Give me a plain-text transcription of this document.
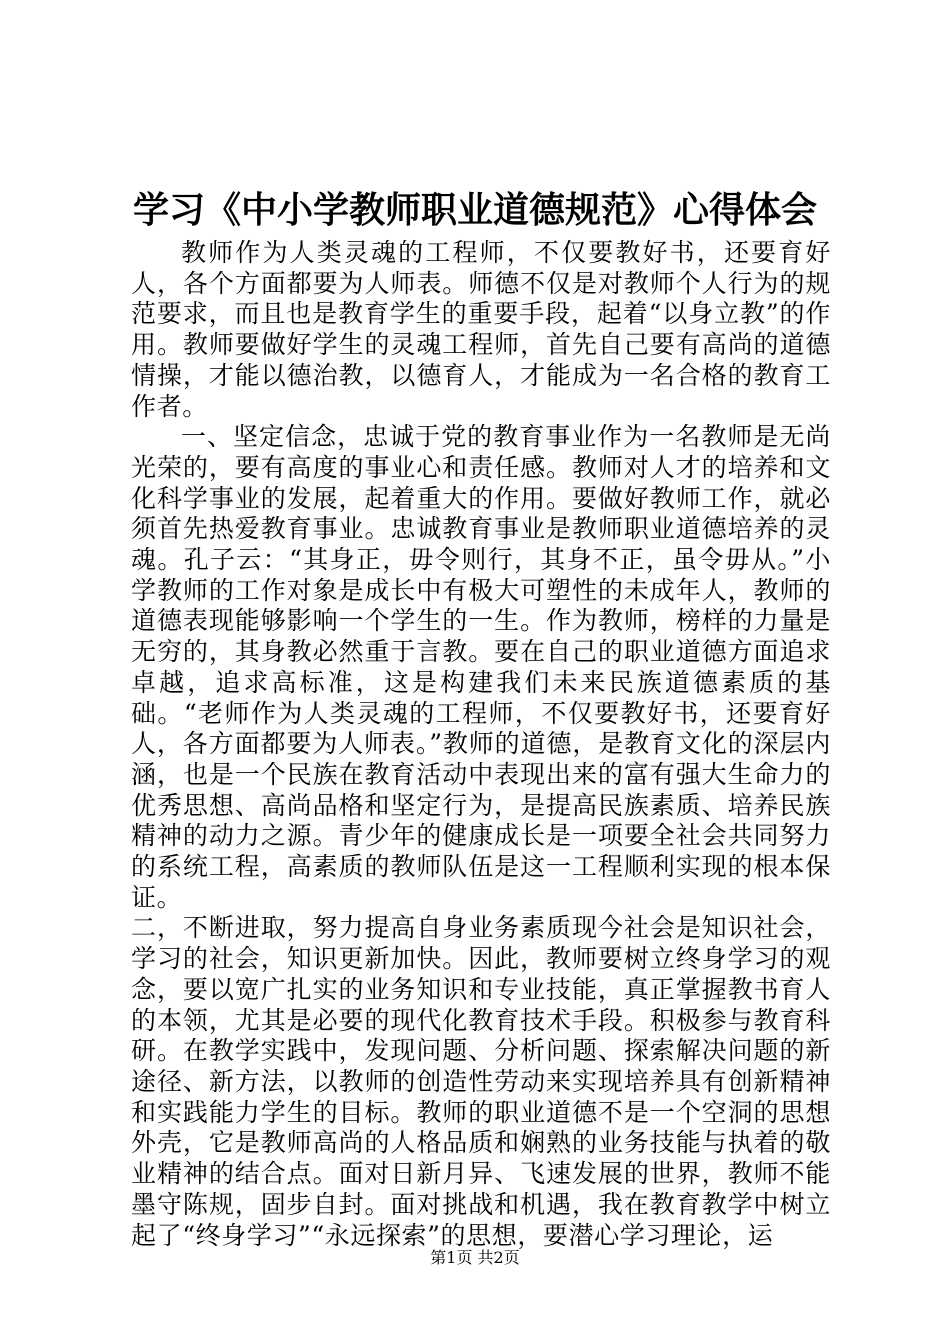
学习《中小学教师职业道德规范》心得体会

教师作为人类灵魂的工程师，不仅要教好书，还要育好人，各个方面都要为人师表。师德不仅是对教师个人行为的规范要求，而且也是教育学生的重要手段，起着“以身立教”的作用。教师要做好学生的灵魂工程师，首先自己要有高尚的道德情操，才能以德治教，以德育人，才能成为一名合格的教育工作者。

一、坚定信念，忠诚于党的教育事业作为一名教师是无尚光荣的，要有高度的事业心和责任感。教师对人才的培养和文化科学事业的发展，起着重大的作用。要做好教师工作，就必须首先热爱教育事业。忠诚教育事业是教师职业道德培养的灵魂。孔子云：“其身正，毋令则行，其身不正，虽令毋从。”小学教师的工作对象是成长中有极大可塑性的未成年人，教师的道德表现能够影响一个学生的一生。作为教师，榜样的力量是无穷的，其身教必然重于言教。要在自己的职业道德方面追求卓越，追求高标准，这是构建我们未来民族道德素质的基础。“老师作为人类灵魂的工程师，不仅要教好书，还要育好人，各方面都要为人师表。”教师的道德，是教育文化的深层内涵，也是一个民族在教育活动中表现出来的富有强大生命力的优秀思想、高尚品格和坚定行为，是提高民族素质、培养民族精神的动力之源。青少年的健康成长是一项要全社会共同努力的系统工程，高素质的教师队伍是这一工程顺利实现的根本保证。

二，不断进取，努力提高自身业务素质现今社会是知识社会，学习的社会，知识更新加快。因此，教师要树立终身学习的观念，要以宽广扎实的业务知识和专业技能，真正掌握教书育人的本领，尤其是必要的现代化教育技术手段。积极参与教育科研。在教学实践中，发现问题、分析问题、探索解决问题的新途径、新方法，以教师的创造性劳动来实现培养具有创新精神和实践能力学生的目标。教师的职业道德不是一个空洞的思想外壳，它是教师高尚的人格品质和娴熟的业务技能与执着的敬业精神的结合点。面对日新月异、飞速发展的世界，教师不能墨守陈规，固步自封。面对挑战和机遇，我在教育教学中树立起了“终身学习”“永远探索”的思想，要潜心学习理论，运

第1页 共2页
